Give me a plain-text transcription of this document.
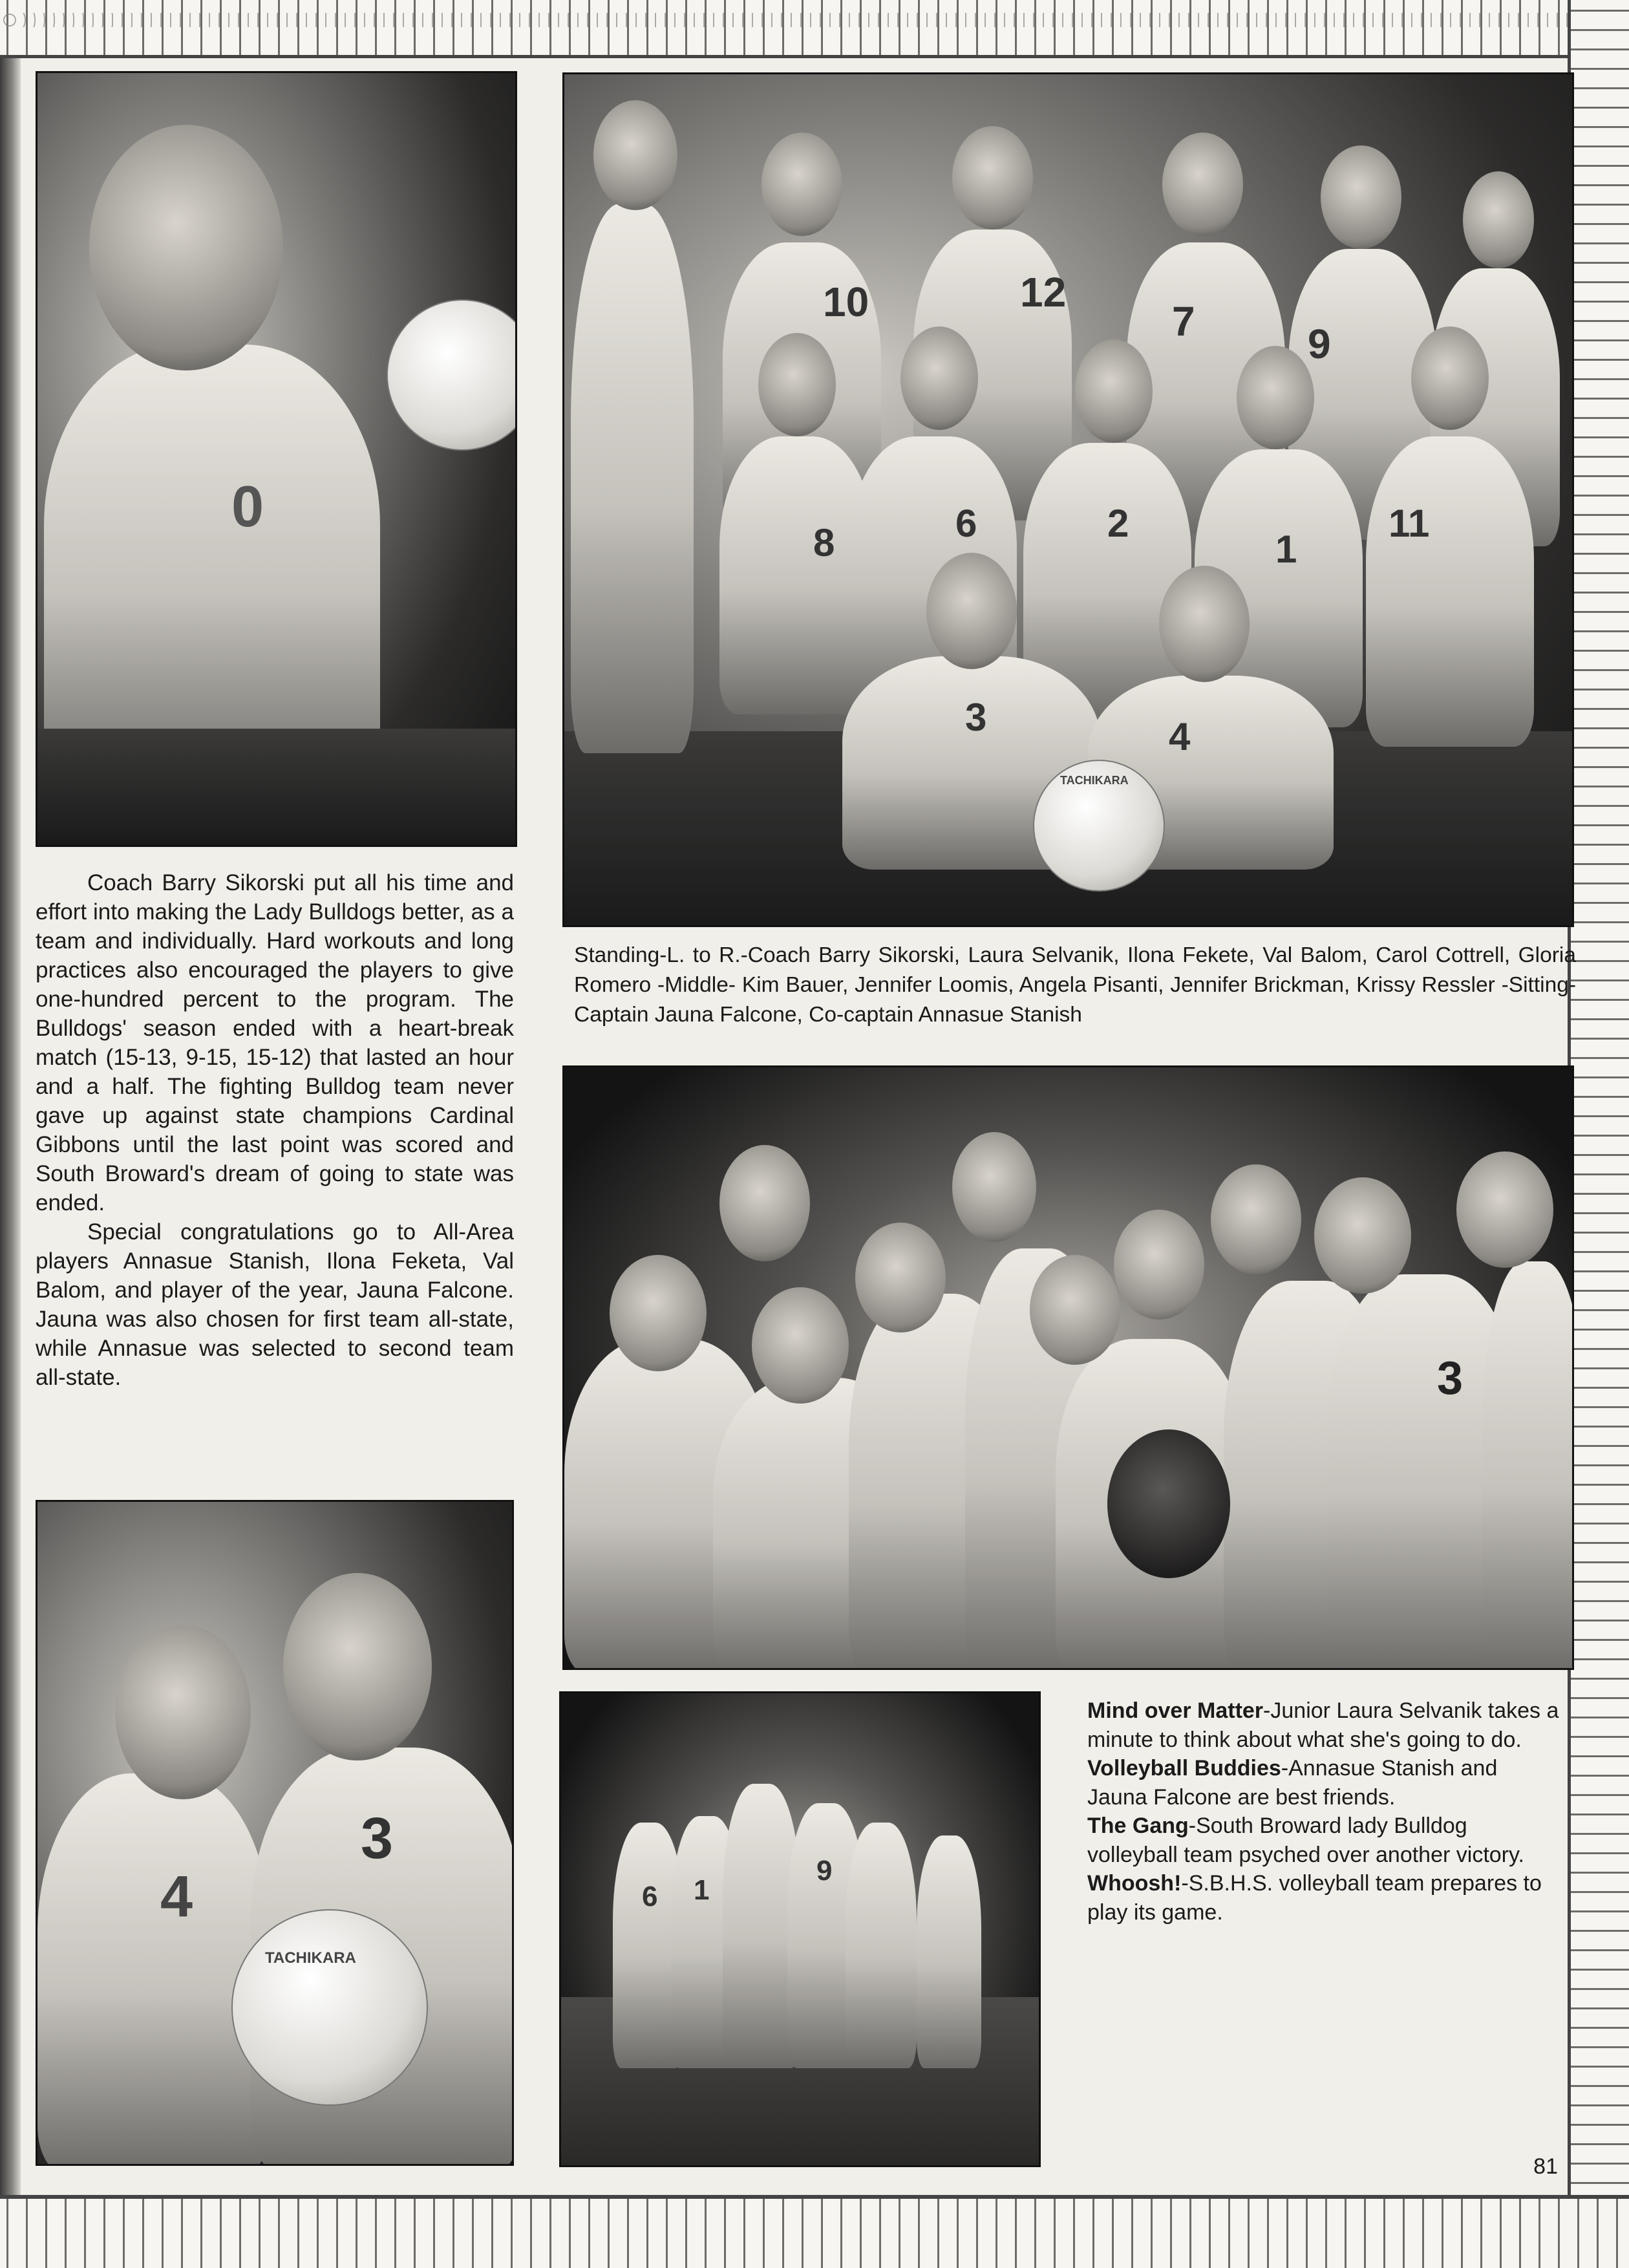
0
TACHIKARA
10	12
7	9
8	6	2
1
11
3	4

Coach Barry Sikorski put all his time and effort into making the Lady Bulldogs better, as a team and individually. Hard workouts and long practices also encouraged the players to give one-hundred percent to the program. The Bulldogs' season ended with a heart-break match (15-13, 9-15, 15-12) that lasted an hour and a half. The fighting Bulldog team never gave up against state champions Cardinal Gibbons until the last point was scored and South Broward's dream of going to state was ended.

Special congratulations go to All-Area players Annasue Stanish, Ilona Feketa, Val Balom, and player of the year, Jauna Falcone. Jauna was also chosen for first team all-state, while Annasue was selected to second team all-state.

Standing-L. to R.-Coach Barry Sikorski, Laura Selvanik, Ilona Fekete, Val Balom, Carol Cottrell, Gloria Romero -Middle- Kim Bauer, Jennifer Loomis, Angela Pisanti, Jennifer Brickman, Krissy Ressler -Sitting- Captain Jauna Falcone, Co-captain Annasue Stanish
3
TACHIKARA
4
3
6 1
9
Mind over Matter-Junior Laura Selvanik takes a minute to think about what she's going to do.
Volleyball Buddies-Annasue Stanish and Jauna Falcone are best friends.
The Gang-South Broward lady Bulldog volleyball team psyched over another victory.
Whoosh!-S.B.H.S. volleyball team prepares to play its game.
81
